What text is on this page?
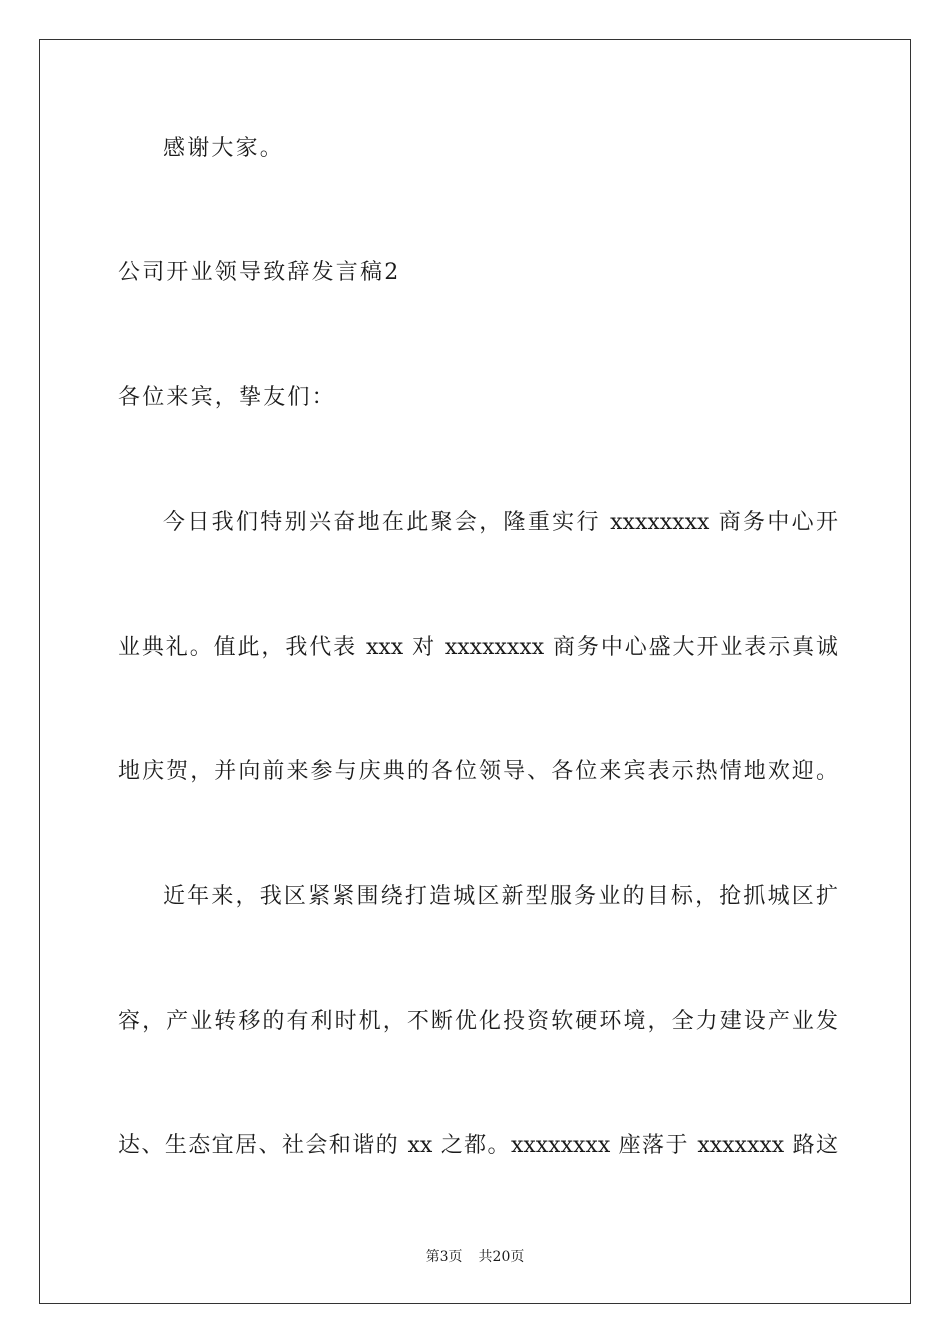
感谢大家。
公司开业领导致辞发言稿2
各位来宾，挚友们：
今日我们特别兴奋地在此聚会，隆重实行 xxxxxxxx 商务中心开
业典礼。值此，我代表 xxx 对 xxxxxxxx 商务中心盛大开业表示真诚
地庆贺，并向前来参与庆典的各位领导、各位来宾表示热情地欢迎。
近年来，我区紧紧围绕打造城区新型服务业的目标，抢抓城区扩
容，产业转移的有利时机，不断优化投资软硬环境，全力建设产业发
达、生态宜居、社会和谐的 xx 之都。xxxxxxxx 座落于 xxxxxxx 路这
第3页 共20页
